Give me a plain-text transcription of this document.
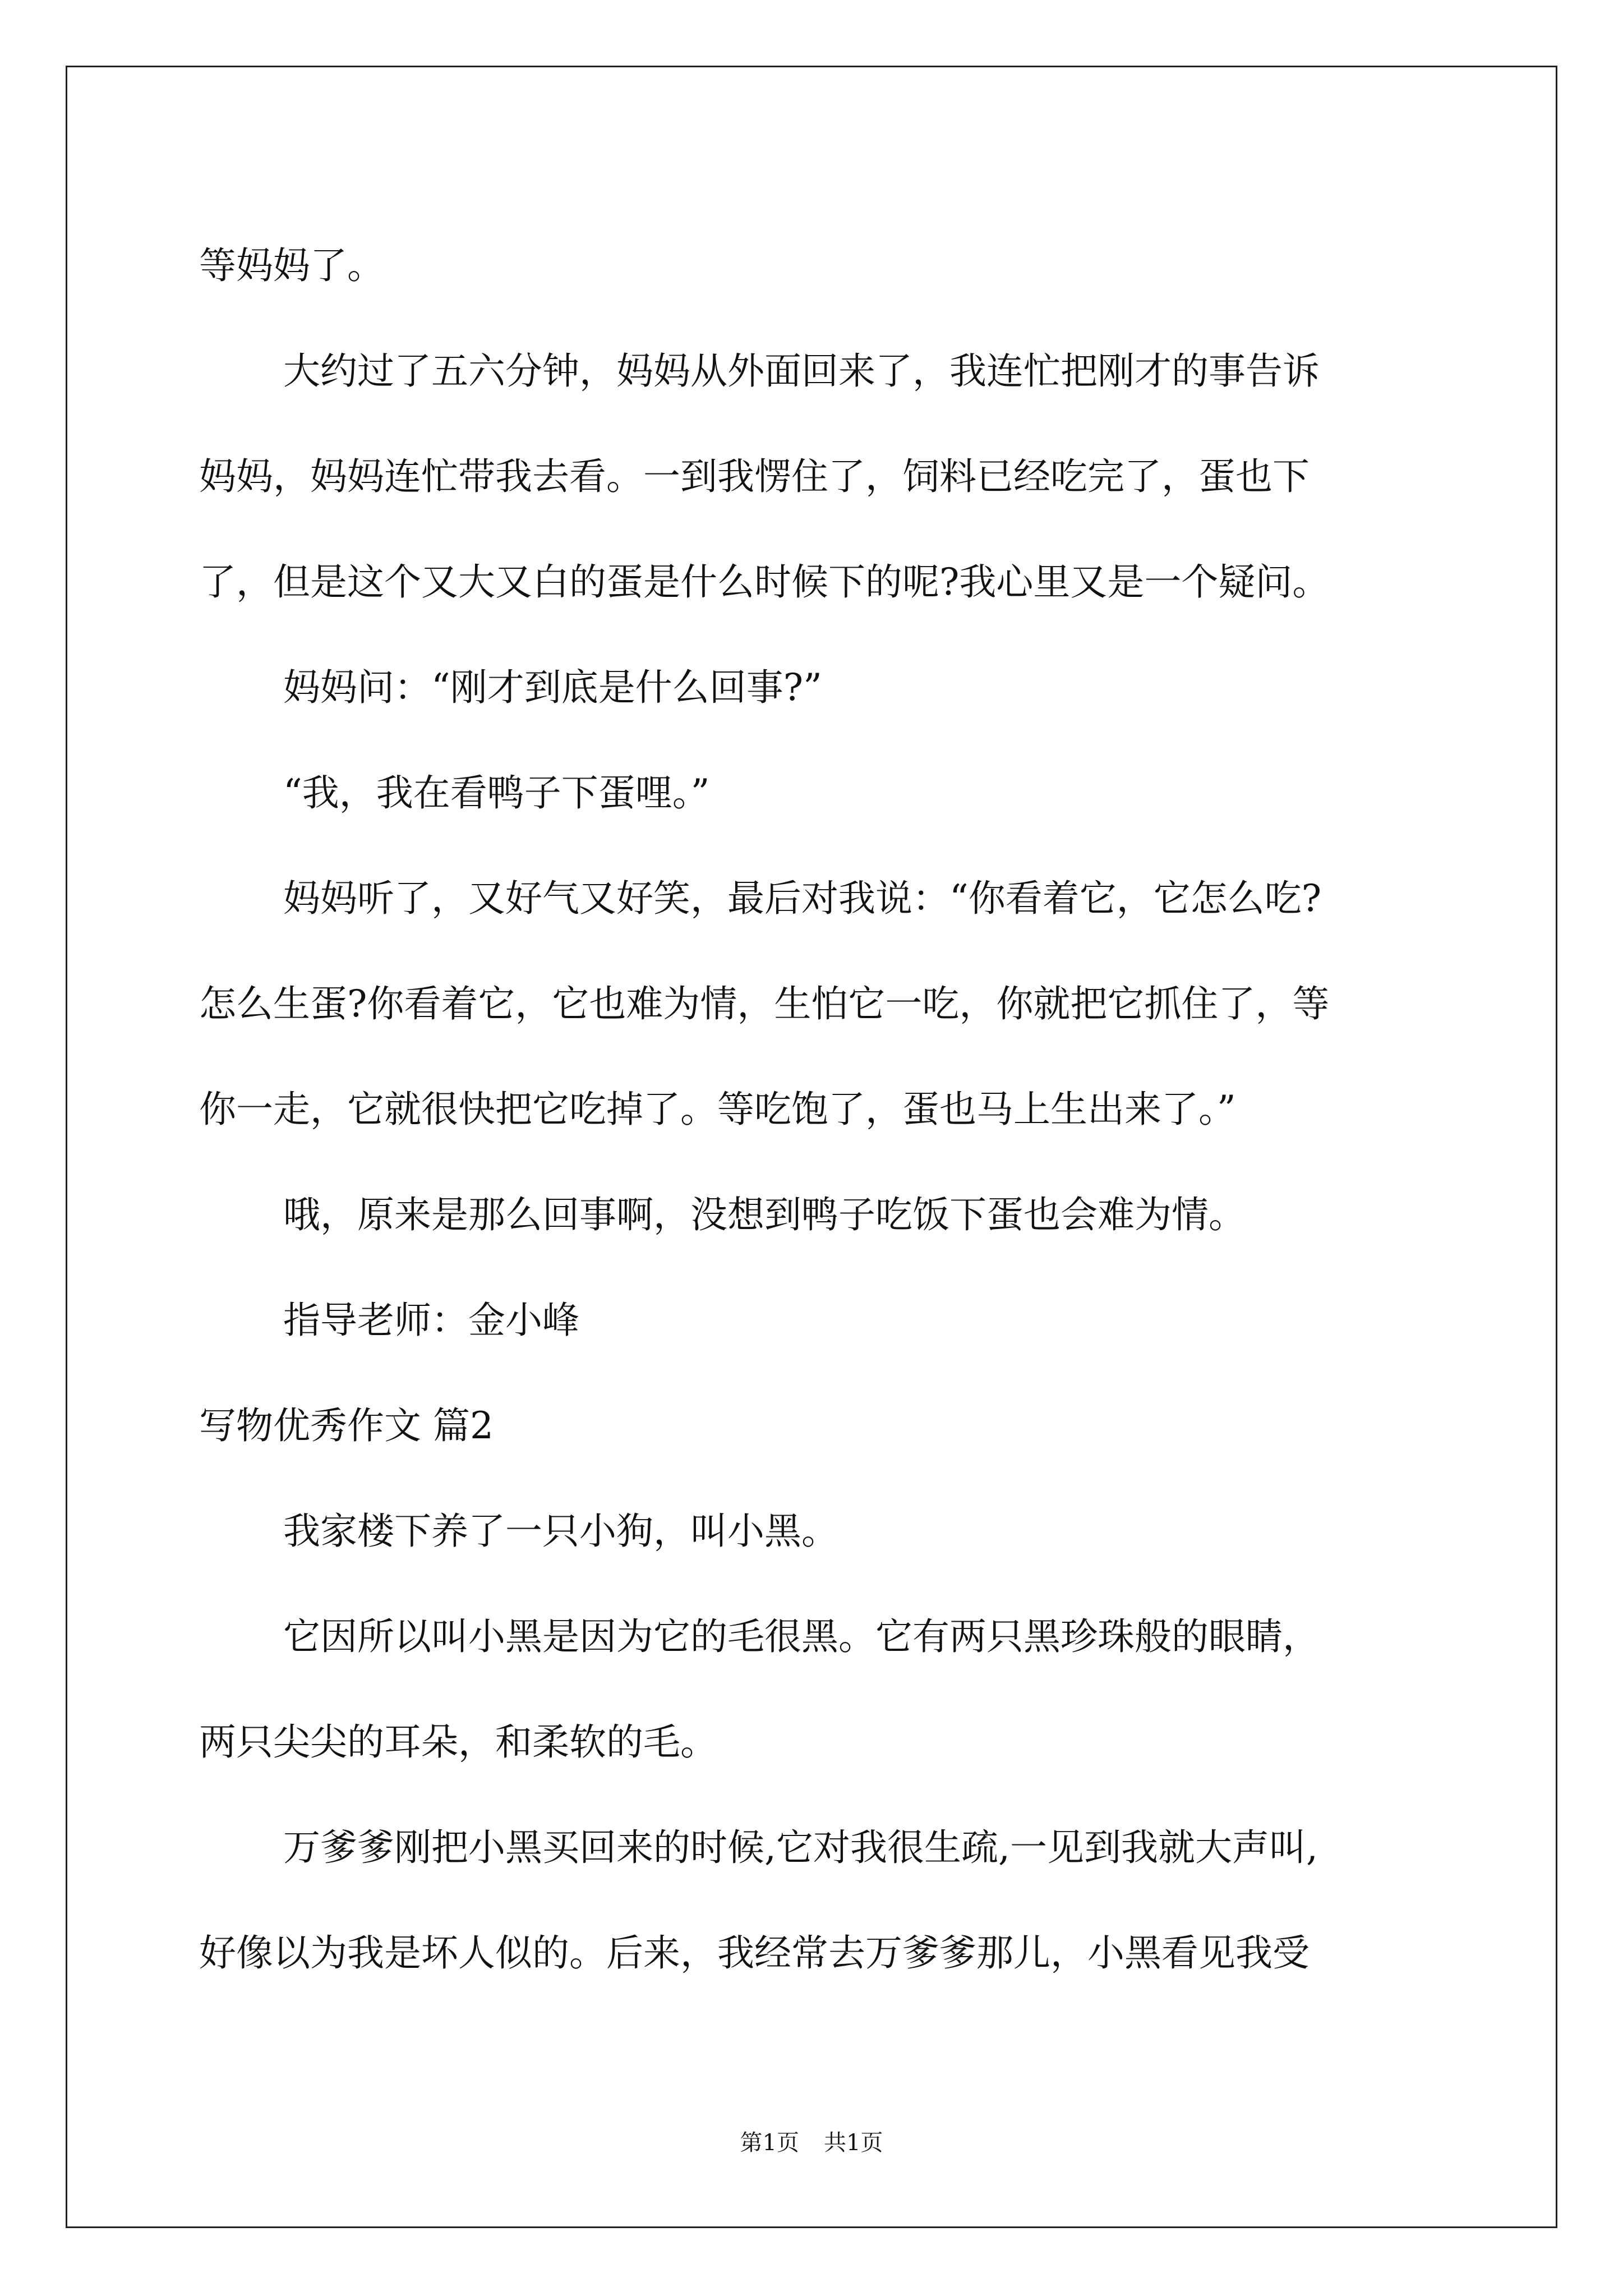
等妈妈了。
大约过了五六分钟，妈妈从外面回来了，我连忙把刚才的事告诉
妈妈，妈妈连忙带我去看。一到我愣住了，饲料已经吃完了，蛋也下
了，但是这个又大又白的蛋是什么时候下的呢?我心里又是一个疑问。
妈妈问：“刚才到底是什么回事?”
“我，我在看鸭子下蛋哩。”
妈妈听了，又好气又好笑，最后对我说：“你看着它，它怎么吃?
怎么生蛋?你看着它，它也难为情，生怕它一吃，你就把它抓住了，等
你一走，它就很快把它吃掉了。等吃饱了，蛋也马上生出来了。”
哦，原来是那么回事啊，没想到鸭子吃饭下蛋也会难为情。
指导老师：金小峰
写物优秀作文 篇2
我家楼下养了一只小狗，叫小黑。
它因所以叫小黑是因为它的毛很黑。它有两只黑珍珠般的眼睛，
两只尖尖的耳朵，和柔软的毛。
万爹爹刚把小黑买回来的时候,它对我很生疏,一见到我就大声叫,
好像以为我是坏人似的。后来，我经常去万爹爹那儿，小黑看见我受
第1页 共1页
